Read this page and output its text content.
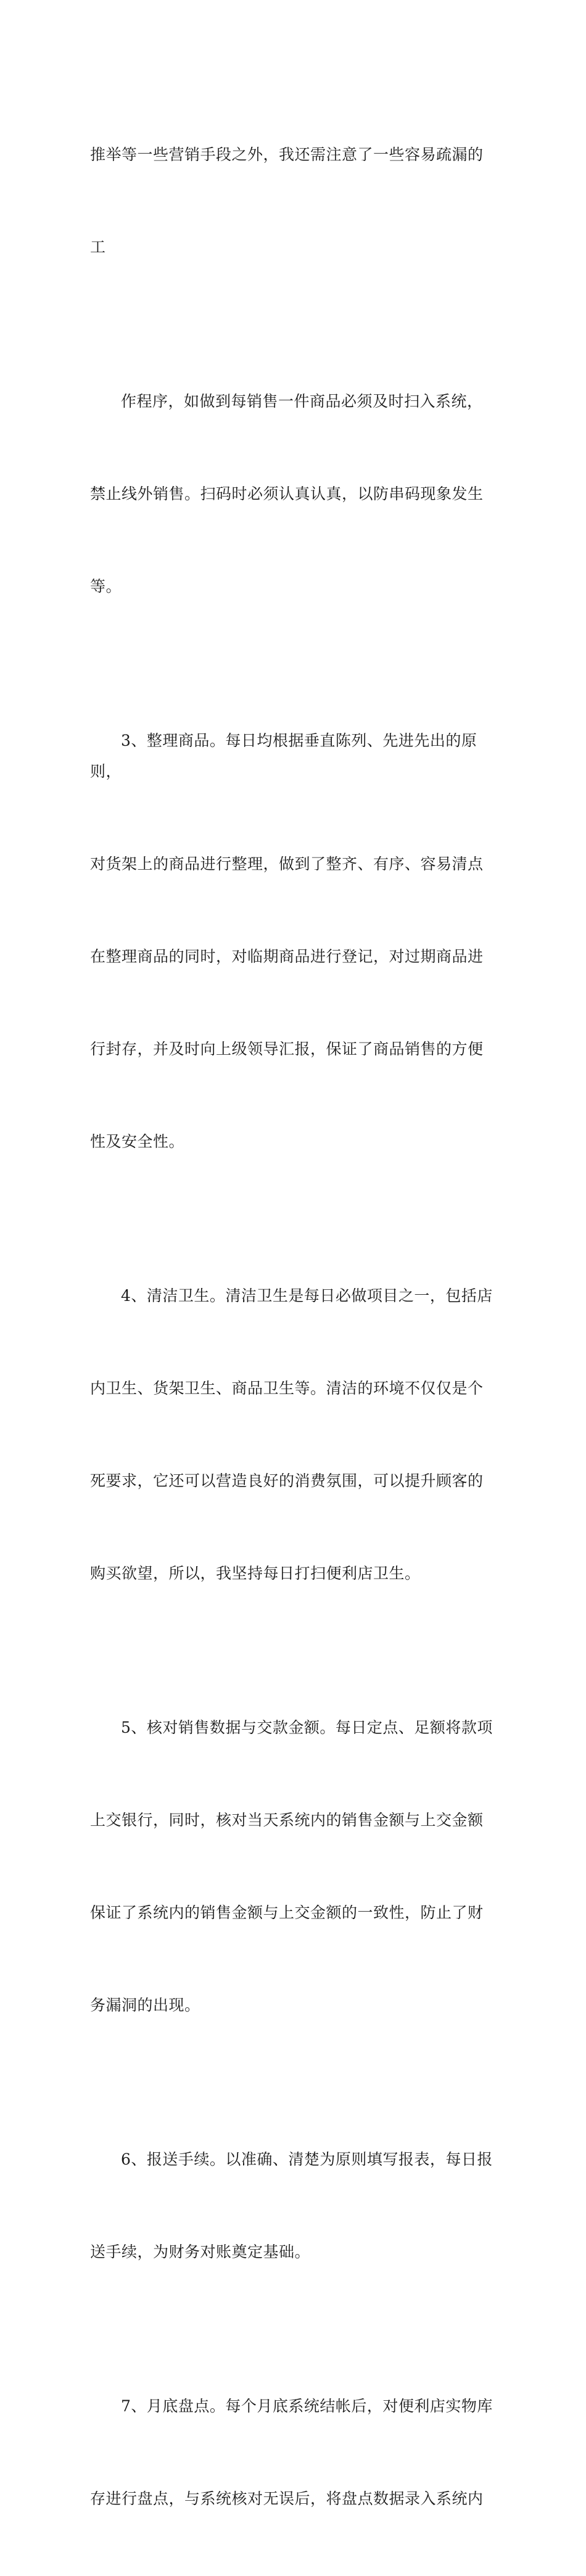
推举等一些营销手段之外，我还需注意了一些容易疏漏的

工

作程序，如做到每销售一件商品必须及时扫入系统，

禁止线外销售。扫码时必须认真认真，以防串码现象发生

等。

3、整理商品。每日均根据垂直陈列、先进先出的原则，

对货架上的商品进行整理，做到了整齐、有序、容易清点

在整理商品的同时，对临期商品进行登记，对过期商品进

行封存，并及时向上级领导汇报，保证了商品销售的方便

性及安全性。

4、清洁卫生。清洁卫生是每日必做项目之一，包括店

内卫生、货架卫生、商品卫生等。清洁的环境不仅仅是个

死要求，它还可以营造良好的消费氛围，可以提升顾客的

购买欲望，所以，我坚持每日打扫便利店卫生。

5、核对销售数据与交款金额。每日定点、足额将款项

上交银行，同时，核对当天系统内的销售金额与上交金额

保证了系统内的销售金额与上交金额的一致性，防止了财

务漏洞的出现。

6、报送手续。以准确、清楚为原则填写报表，每日报

送手续，为财务对账奠定基础。

7、月底盘点。每个月底系统结帐后，对便利店实物库

存进行盘点，与系统核对无误后，将盘点数据录入系统内
